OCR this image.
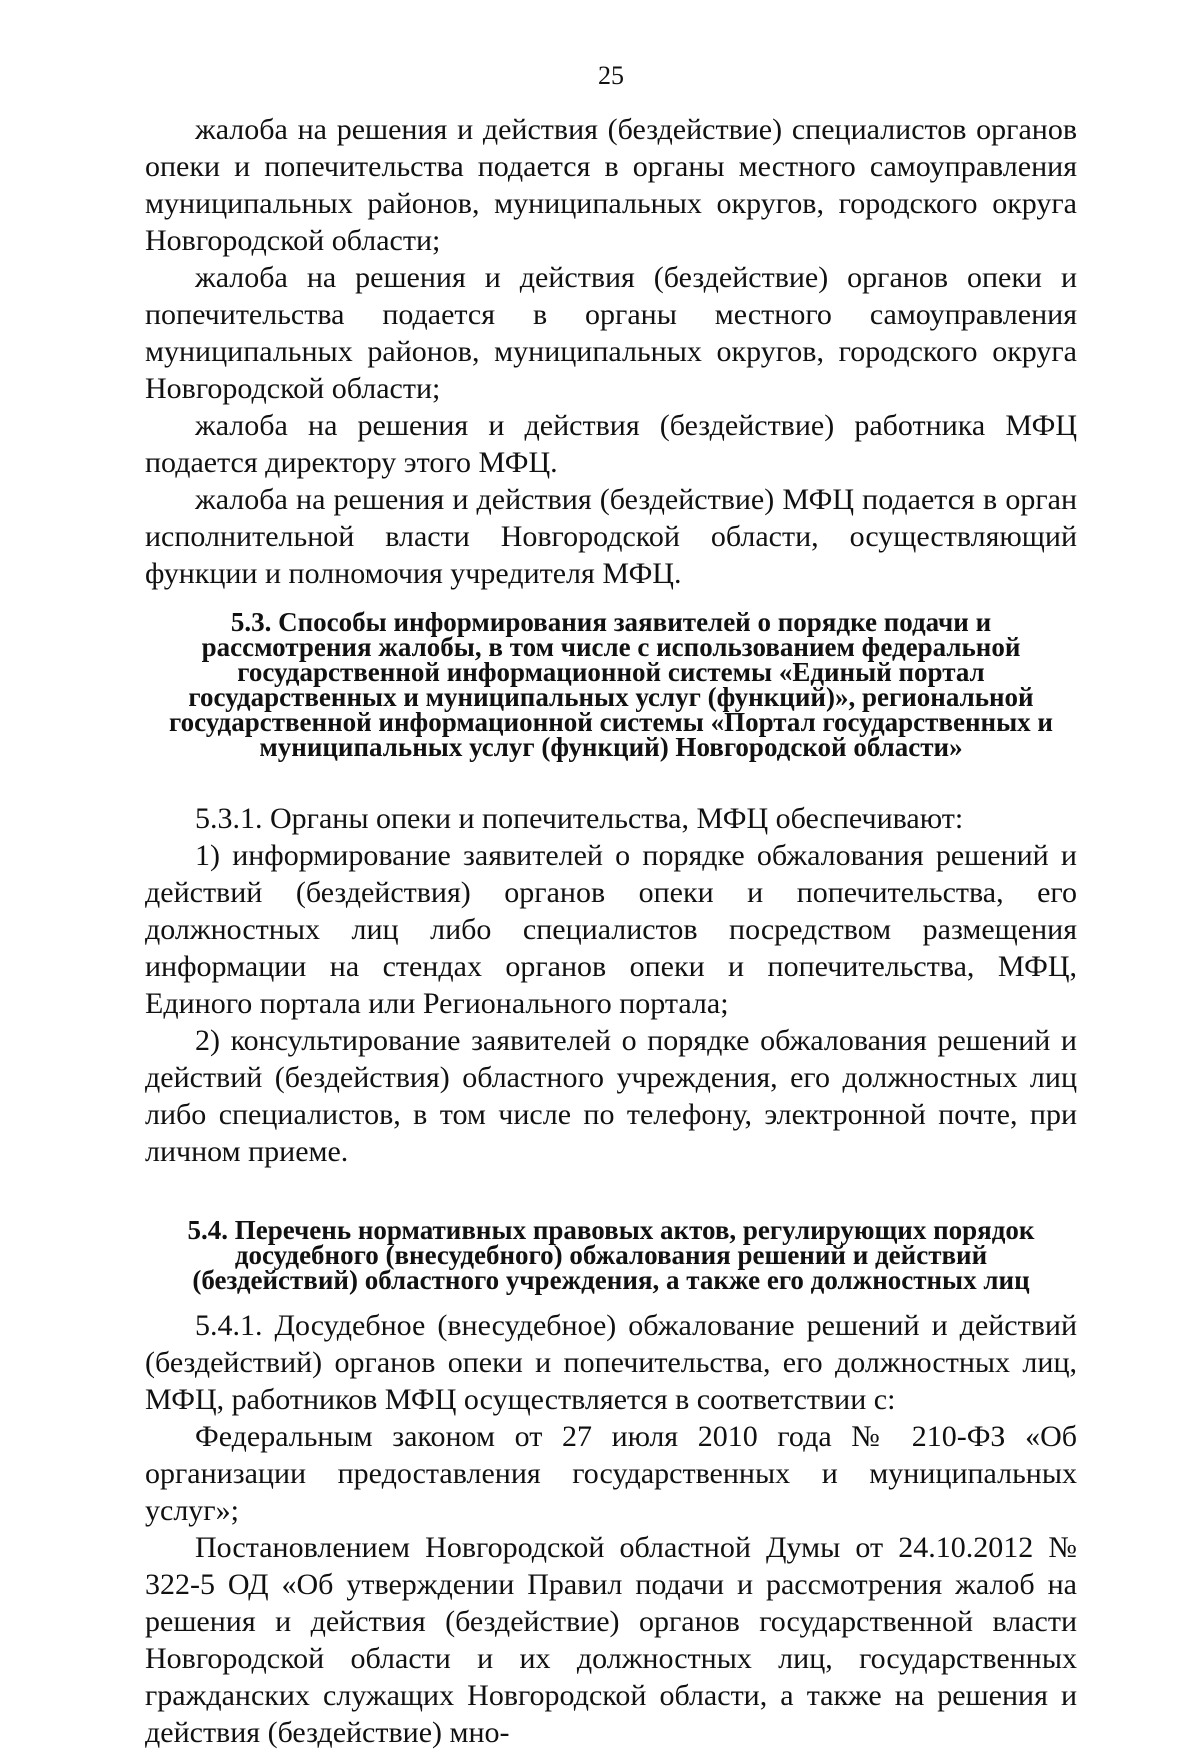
25

жалоба на решения и действия (бездействие) специалистов органов опеки и попечительства подается в органы местного самоуправления муниципальных районов, муниципальных округов, городского округа Новгородской области;

жалоба на решения и действия (бездействие) органов опеки и попечительства подается в органы местного самоуправления муниципальных районов, муниципальных округов, городского округа Новгородской области;

жалоба на решения и действия (бездействие) работника МФЦ подается директору этого МФЦ.

жалоба на решения и действия (бездействие) МФЦ подается в орган исполнительной власти Новгородской области, осуществляющий функции и полномочия учредителя МФЦ.

5.3. Способы информирования заявителей о порядке подачи и рассмотрения жалобы, в том числе с использованием федеральной государственной информационной системы «Единый портал государственных и муниципальных услуг (функций)», региональной государственной информационной системы «Портал государственных и муниципальных услуг (функций) Новгородской области»

5.3.1. Органы опеки и попечительства, МФЦ обеспечивают:

1) информирование заявителей о порядке обжалования решений и действий (бездействия) органов опеки и попечительства, его должностных лиц либо специалистов посредством размещения информации на стендах органов опеки и попечительства, МФЦ, Единого портала или Регионального портала;

2) консультирование заявителей о порядке обжалования решений и действий (бездействия) областного учреждения, его должностных лиц либо специалистов, в том числе по телефону, электронной почте, при личном приеме.

5.4. Перечень нормативных правовых актов, регулирующих порядок досудебного (внесудебного) обжалования решений и действий (бездействий) областного учреждения, а также его должностных лиц

5.4.1. Досудебное (внесудебное) обжалование решений и действий (бездействий) органов опеки и попечительства, его должностных лиц, МФЦ, работников МФЦ осуществляется в соответствии с:

Федеральным законом от 27 июля 2010 года № 210-ФЗ «Об организации предоставления государственных и муниципальных услуг»;

Постановлением Новгородской областной Думы от 24.10.2012 № 322-5 ОД «Об утверждении Правил подачи и рассмотрения жалоб на решения и действия (бездействие) органов государственной власти Новгородской области и их должностных лиц, государственных гражданских служащих Новгородской области, а также на решения и действия (бездействие) мно-
